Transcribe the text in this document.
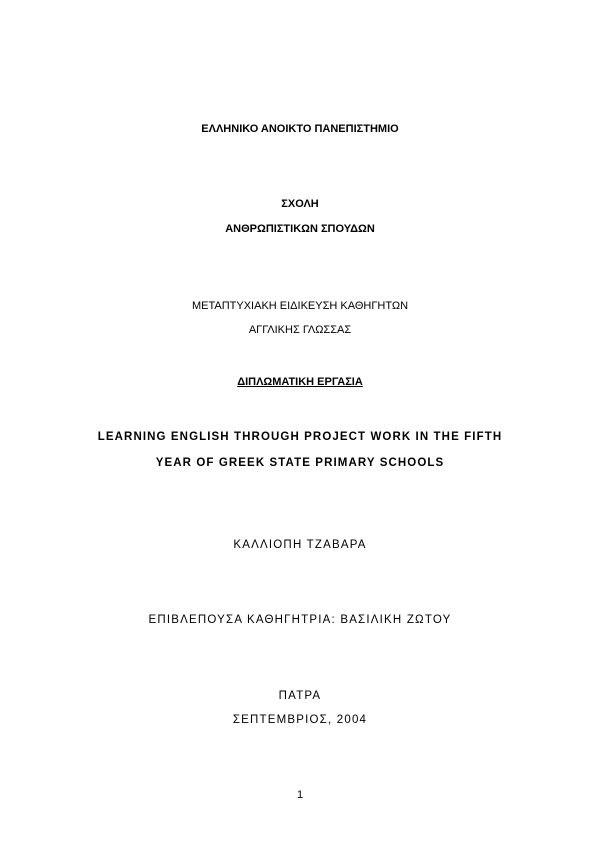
ΕΛΛΗΝΙΚΟ ΑΝΟΙΚΤΟ ΠΑΝΕΠΙΣΤΗΜΙΟ
ΣΧΟΛΗ
ΑΝΘΡΩΠΙΣΤΙΚΩΝ ΣΠΟΥΔΩΝ
ΜΕΤΑΠΤΥΧΙΑΚΗ ΕΙΔΙΚΕΥΣΗ ΚΑΘΗΓΗΤΩΝ
ΑΓΓΛΙΚΗΣ ΓΛΩΣΣΑΣ
ΔΙΠΛΩΜΑΤΙΚΗ ΕΡΓΑΣΙΑ
LEARNING ENGLISH THROUGH PROJECT WORK IN THE FIFTH
YEAR OF GREEK STATE PRIMARY SCHOOLS
ΚΑΛΛΙΟΠΗ ΤΖΑΒΑΡΑ
ΕΠΙΒΛΕΠΟΥΣΑ ΚΑΘΗΓΗΤΡΙΑ: ΒΑΣΙΛΙΚΗ ΖΩΤΟΥ
ΠΑΤΡΑ
ΣΕΠΤΕΜΒΡΙΟΣ, 2004
1
